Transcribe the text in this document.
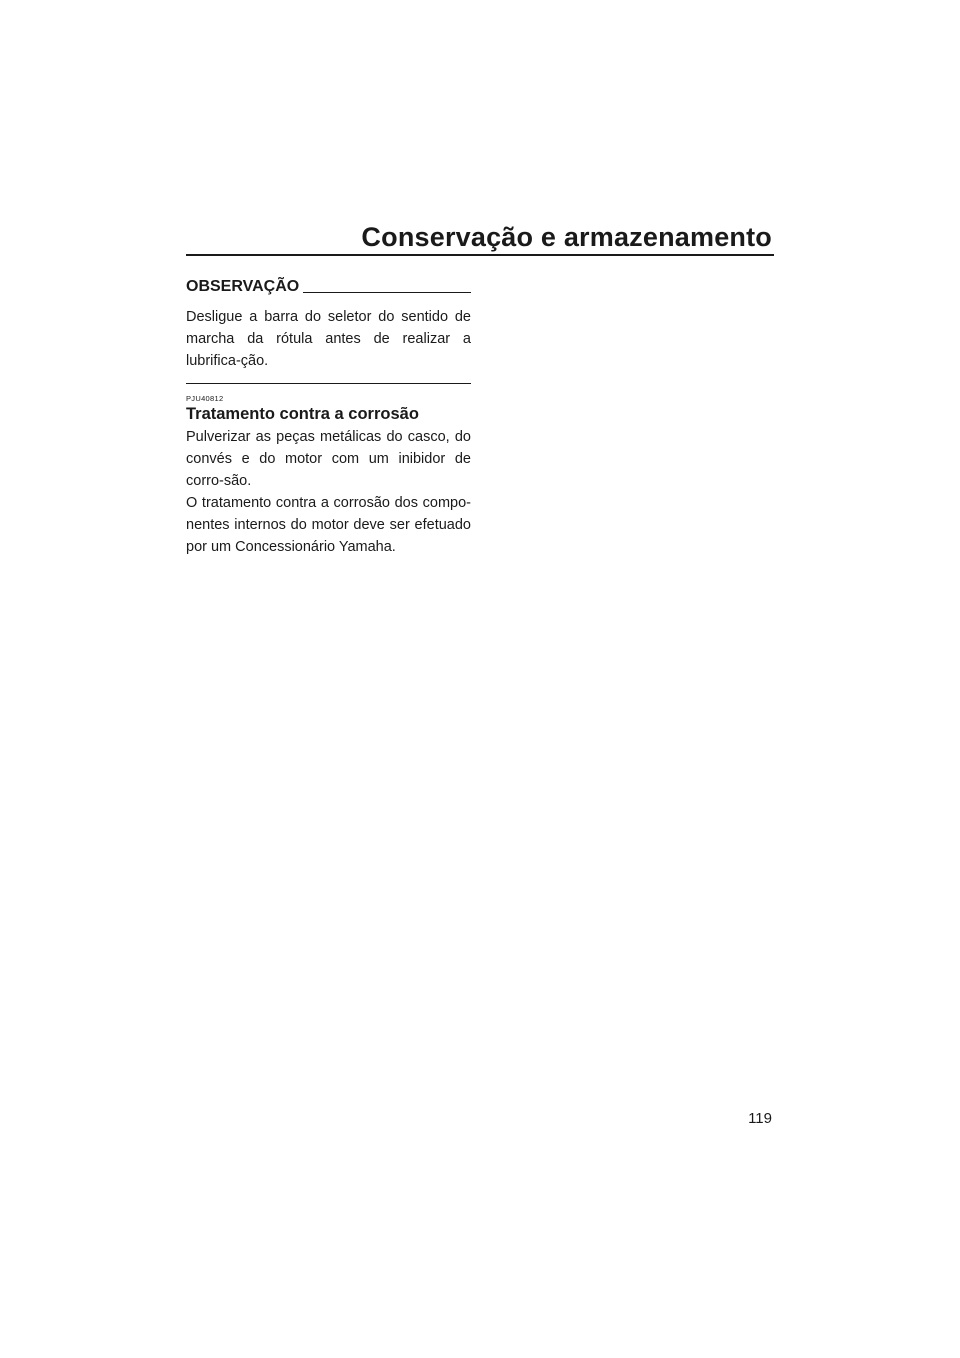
Conservação e armazenamento
OBSERVAÇÃO

Desligue a barra do seletor do sentido de marcha da rótula antes de realizar a lubrifica-ção.

PJU40812
Tratamento contra a corrosão

Pulverizar as peças metálicas do casco, do convés e do motor com um inibidor de corro-são.

O tratamento contra a corrosão dos compo-nentes internos do motor deve ser efetuado por um Concessionário Yamaha.

119
